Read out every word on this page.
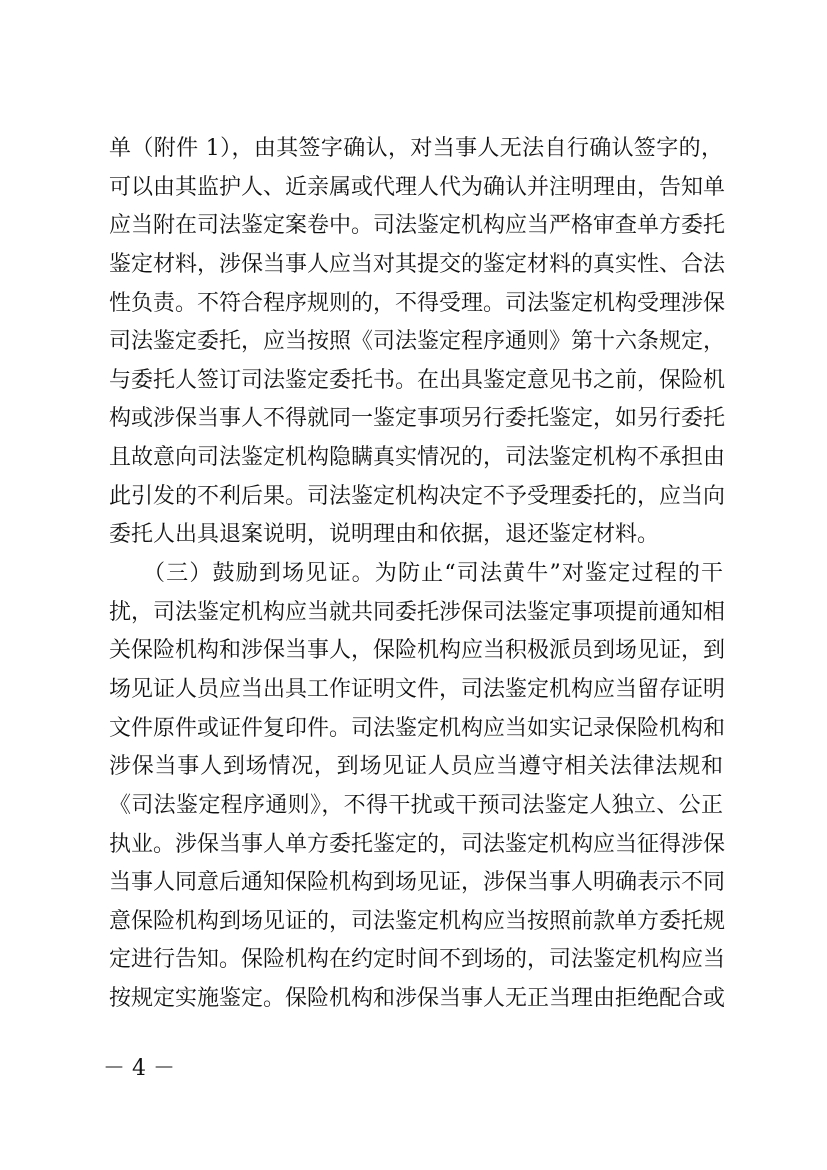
单（附件 1），由其签字确认，对当事人无法自行确认签字的，
可以由其监护人、近亲属或代理人代为确认并注明理由，告知单
应当附在司法鉴定案卷中。司法鉴定机构应当严格审查单方委托
鉴定材料，涉保当事人应当对其提交的鉴定材料的真实性、合法
性负责。不符合程序规则的，不得受理。司法鉴定机构受理涉保
司法鉴定委托，应当按照《司法鉴定程序通则》第十六条规定，
与委托人签订司法鉴定委托书。在出具鉴定意见书之前，保险机
构或涉保当事人不得就同一鉴定事项另行委托鉴定，如另行委托
且故意向司法鉴定机构隐瞒真实情况的，司法鉴定机构不承担由
此引发的不利后果。司法鉴定机构决定不予受理委托的，应当向
委托人出具退案说明，说明理由和依据，退还鉴定材料。
（三）鼓励到场见证。为防止“司法黄牛”对鉴定过程的干
扰，司法鉴定机构应当就共同委托涉保司法鉴定事项提前通知相
关保险机构和涉保当事人，保险机构应当积极派员到场见证，到
场见证人员应当出具工作证明文件，司法鉴定机构应当留存证明
文件原件或证件复印件。司法鉴定机构应当如实记录保险机构和
涉保当事人到场情况，到场见证人员应当遵守相关法律法规和
《司法鉴定程序通则》，不得干扰或干预司法鉴定人独立、公正
执业。涉保当事人单方委托鉴定的，司法鉴定机构应当征得涉保
当事人同意后通知保险机构到场见证，涉保当事人明确表示不同
意保险机构到场见证的，司法鉴定机构应当按照前款单方委托规
定进行告知。保险机构在约定时间不到场的，司法鉴定机构应当
按规定实施鉴定。保险机构和涉保当事人无正当理由拒绝配合或
－ 4 －
